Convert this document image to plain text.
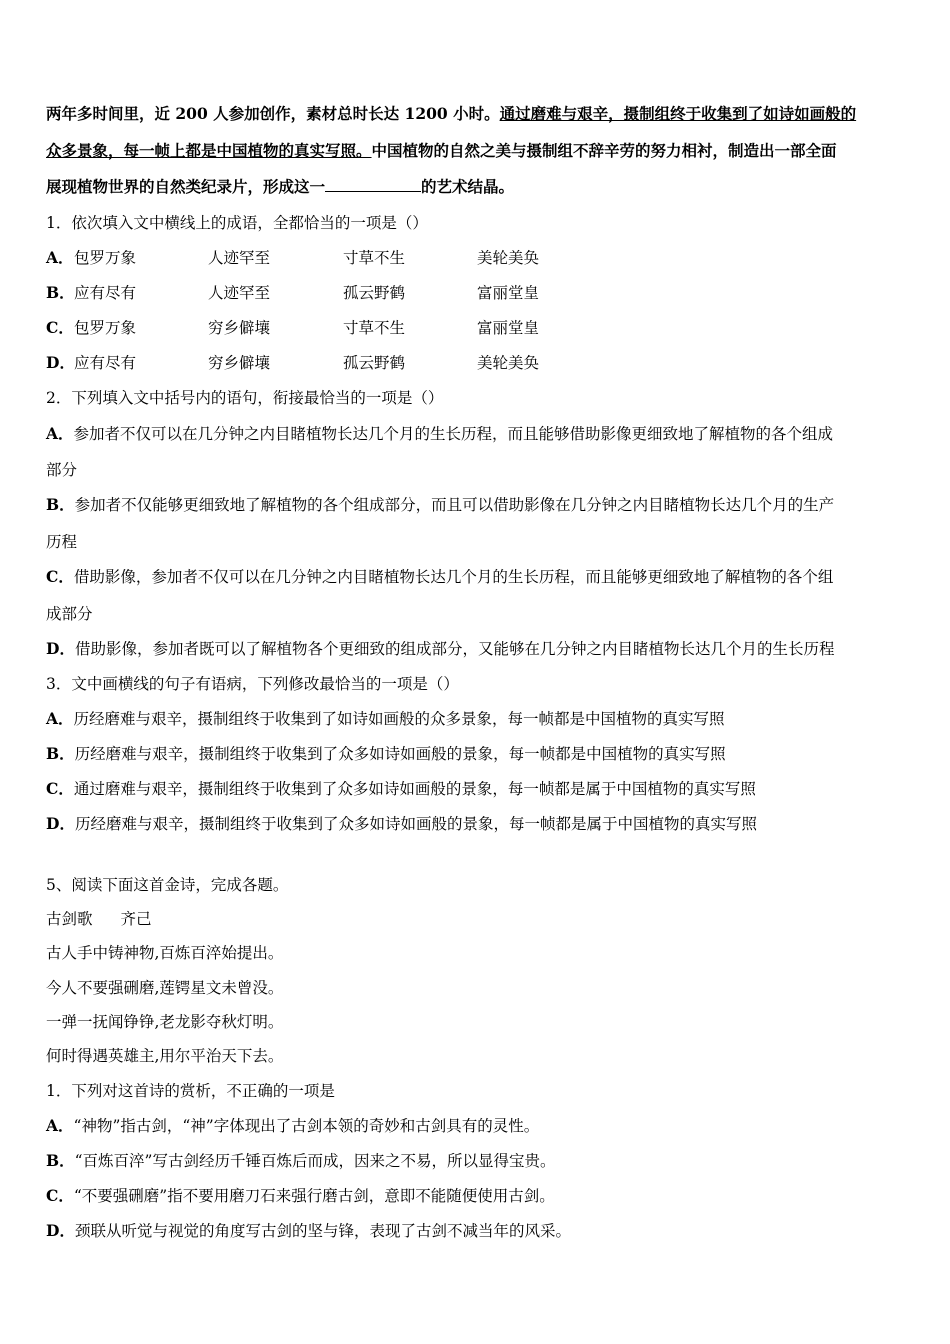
两年多时间里，近 200 人参加创作，素材总时长达 1200 小时。通过磨难与艰辛，摄制组终于收集到了如诗如画般的
众多景象，每一帧上都是中国植物的真实写照。中国植物的自然之美与摄制组不辞辛劳的努力相衬，制造出一部全面
展现植物世界的自然类纪录片，形成这一	的艺术结晶。
1．依次填入文中横线上的成语，全都恰当的一项是（）
A． 包罗万象	人迹罕至	寸草不生	美轮美奂
B． 应有尽有	人迹罕至	孤云野鹤	富丽堂皇
C． 包罗万象	穷乡僻壤	寸草不生	富丽堂皇
D． 应有尽有	穷乡僻壤	孤云野鹤	美轮美奂
2．下列填入文中括号内的语句，衔接最恰当的一项是（）
A．参加者不仅可以在几分钟之内目睹植物长达几个月的生长历程，而且能够借助影像更细致地了解植物的各个组成
部分
B．参加者不仅能够更细致地了解植物的各个组成部分，而且可以借助影像在几分钟之内目睹植物长达几个月的生产
历程
C．借助影像，参加者不仅可以在几分钟之内目睹植物长达几个月的生长历程，而且能够更细致地了解植物的各个组
成部分
D．借助影像，参加者既可以了解植物各个更细致的组成部分，又能够在几分钟之内目睹植物长达几个月的生长历程
3．文中画横线的句子有语病，下列修改最恰当的一项是（）
A．历经磨难与艰辛，摄制组终于收集到了如诗如画般的众多景象，每一帧都是中国植物的真实写照
B．历经磨难与艰辛，摄制组终于收集到了众多如诗如画般的景象，每一帧都是中国植物的真实写照
C．通过磨难与艰辛，摄制组终于收集到了众多如诗如画般的景象，每一帧都是属于中国植物的真实写照
D．历经磨难与艰辛，摄制组终于收集到了众多如诗如画般的景象，每一帧都是属于中国植物的真实写照
5、阅读下面这首金诗，完成各题。
古剑歌 齐己
古人手中铸神物,百炼百淬始提出。
今人不要强硎磨,莲锷星文未曾没。
一弹一抚闻铮铮,老龙影夺秋灯明。
何时得遇英雄主,用尔平治天下去。
1．下列对这首诗的赏析，不正确的一项是
A．“神物”指古剑，“神”字体现出了古剑本领的奇妙和古剑具有的灵性。
B．“百炼百淬”写古剑经历千锤百炼后而成，因来之不易，所以显得宝贵。
C．“不要强硎磨”指不要用磨刀石来强行磨古剑，意即不能随便使用古剑。
D．颈联从听觉与视觉的角度写古剑的坚与锋，表现了古剑不减当年的风采。
